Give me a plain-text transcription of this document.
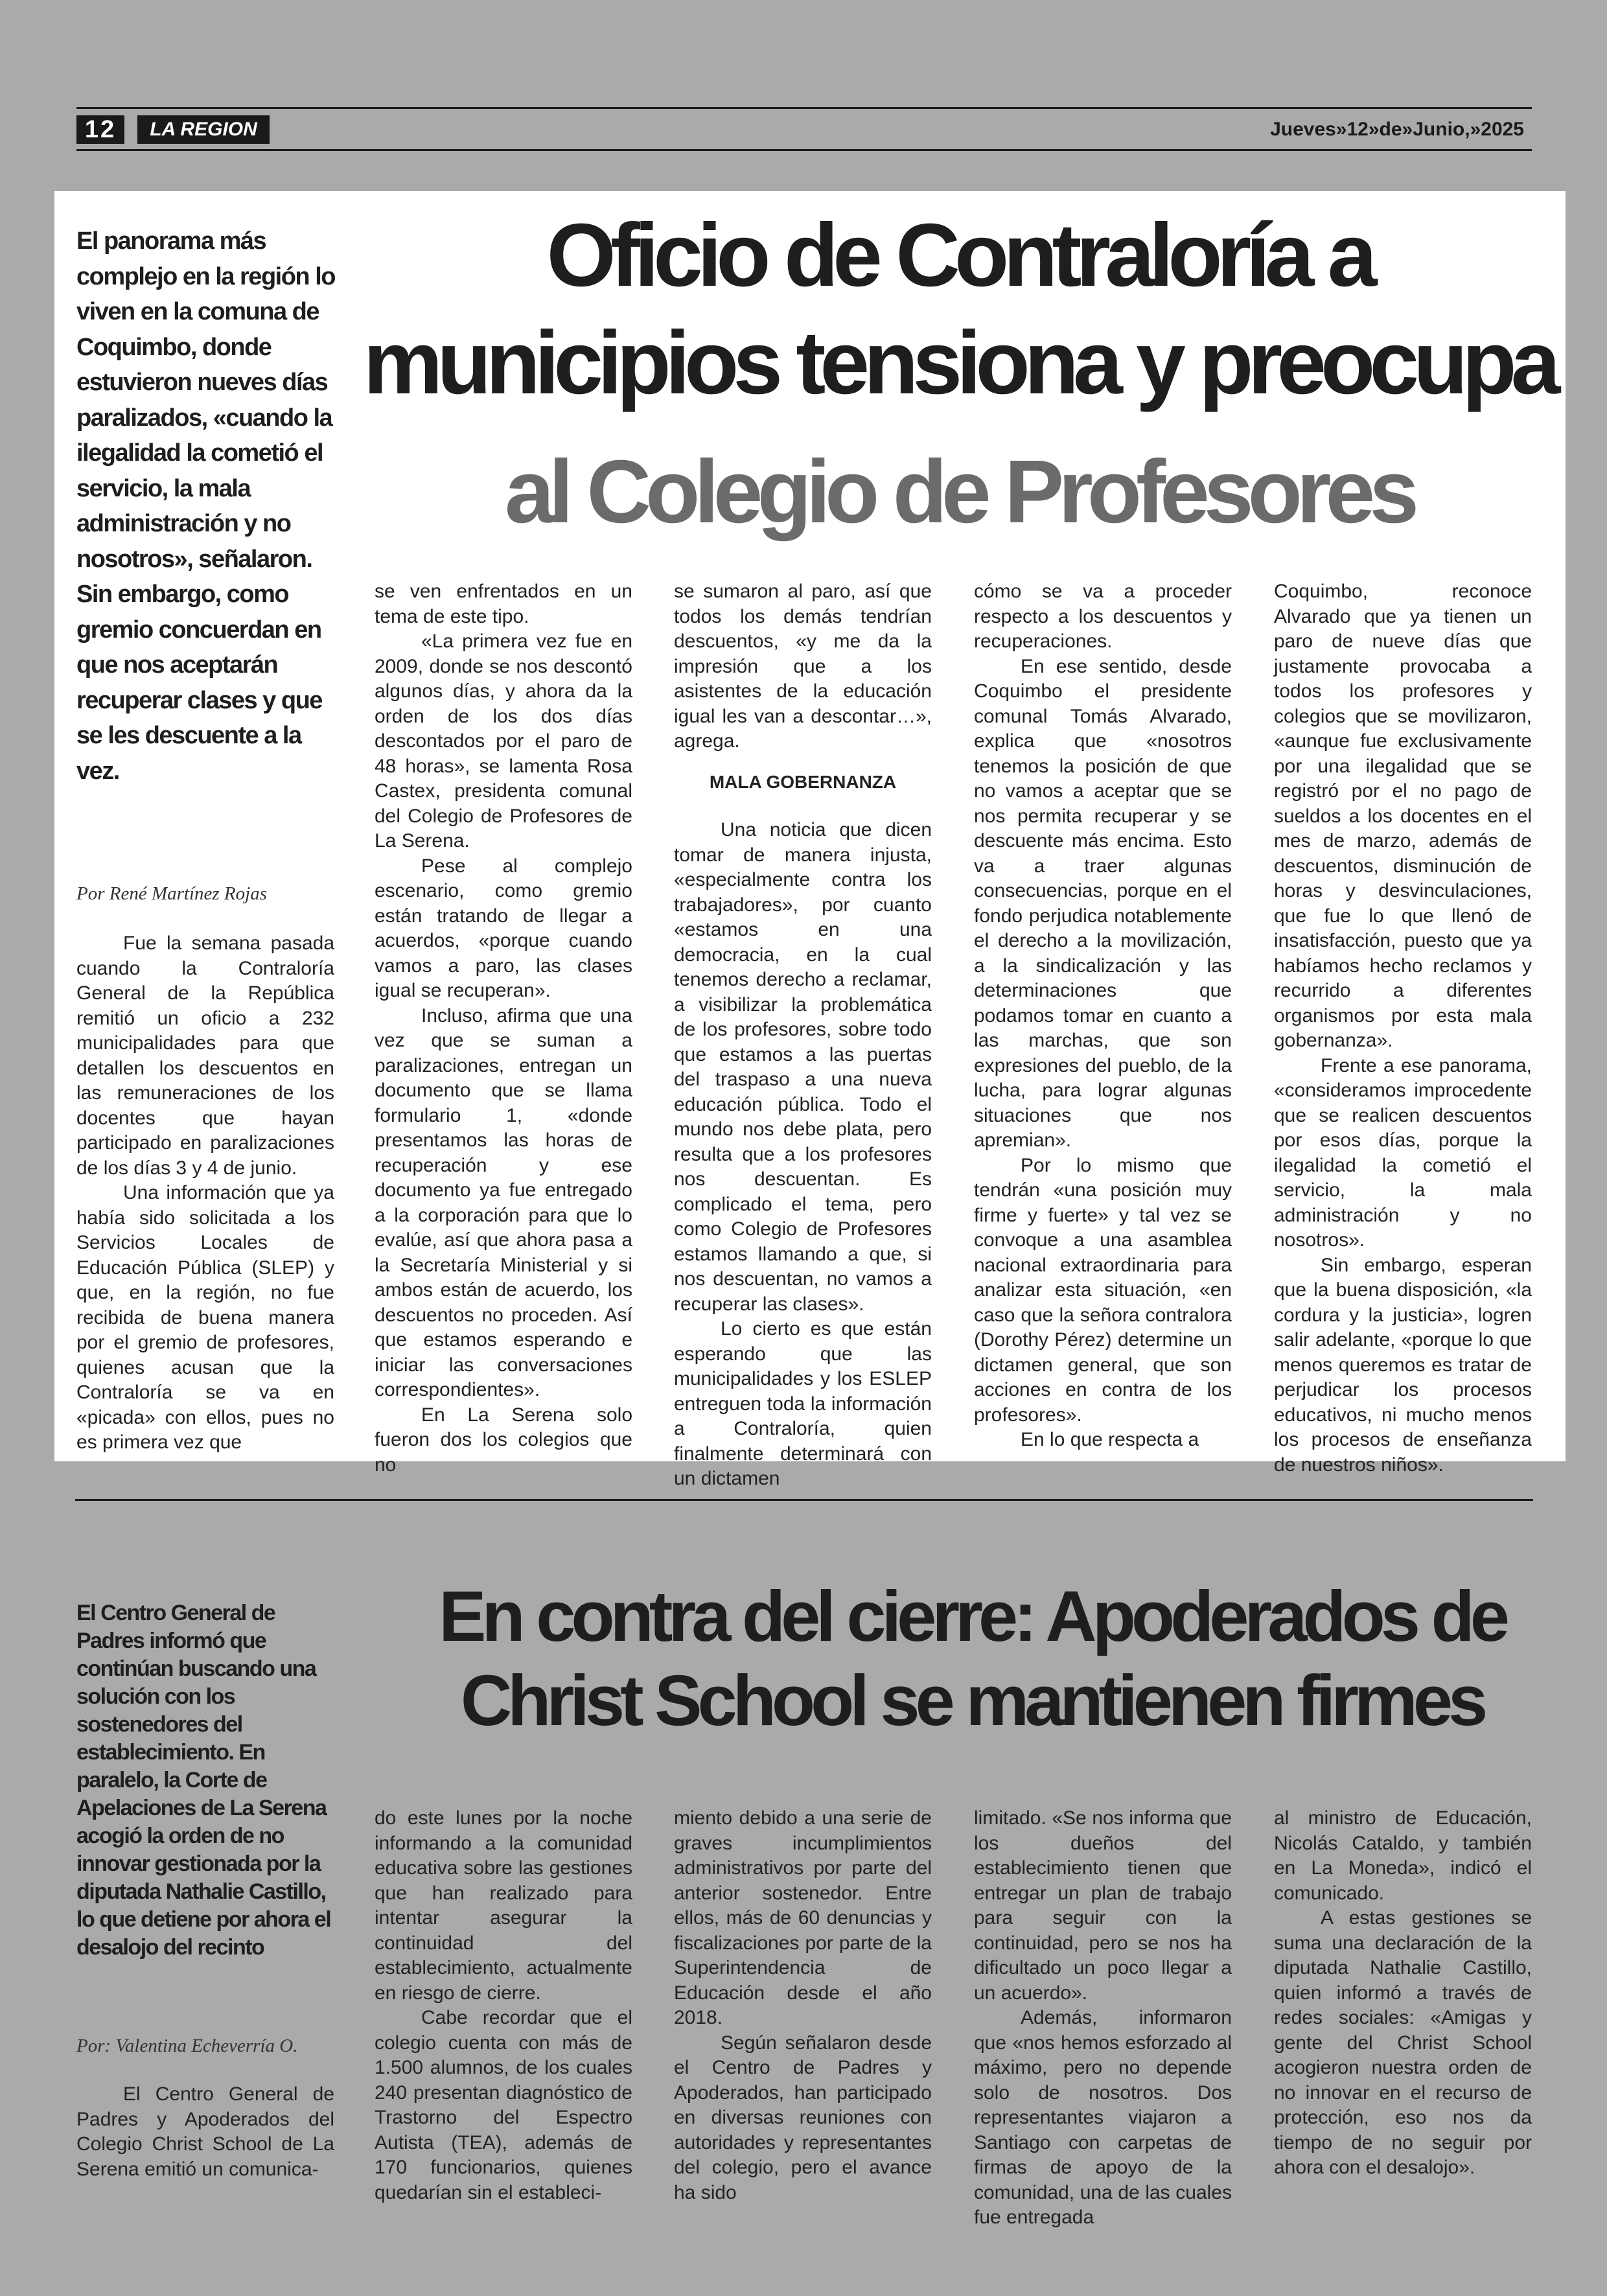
12	LA REGION	Jueves»12»de»Junio,»2025
Oficio de Contraloría a
municipios tensiona y preocupa
al Colegio de Profesores
El panorama más complejo en la región lo viven en la comuna de Coquimbo, donde estuvieron nueves días paralizados, «cuando la ilegalidad la cometió el servicio, la mala administración y no nosotros», señalaron. Sin embargo, como gremio concuerdan en que nos aceptarán recuperar clases y que se les descuente a la vez.
Por René Martínez Rojas

Fue la semana pasada cuando la Contraloría General de la República remitió un oficio a 232 municipalidades para que detallen los descuentos en las remuneraciones de los docentes que hayan participado en paralizaciones de los días 3 y 4 de junio.

Una información que ya había sido solicitada a los Servicios Locales de Educación Pública (SLEP) y que, en la región, no fue recibida de buena manera por el gremio de profesores, quienes acusan que la Contraloría se va en «picada» con ellos, pues no es primera vez que

se ven enfrentados en un tema de este tipo.

«La primera vez fue en 2009, donde se nos descontó algunos días, y ahora da la orden de los dos días descontados por el paro de 48 horas», se lamenta Rosa Castex, presidenta comunal del Colegio de Profesores de La Serena.

Pese al complejo escenario, como gremio están tratando de llegar a acuerdos, «porque cuando vamos a paro, las clases igual se recuperan».

Incluso, afirma que una vez que se suman a paralizaciones, entregan un documento que se llama formulario 1, «donde presentamos las horas de recuperación y ese documento ya fue entregado a la corporación para que lo evalúe, así que ahora pasa a la Secretaría Ministerial y si ambos están de acuerdo, los descuentos no proceden. Así que estamos esperando e iniciar las conversaciones correspondientes».

En La Serena solo fueron dos los colegios que no

se sumaron al paro, así que todos los demás tendrían descuentos, «y me da la impresión que a los asistentes de la educación igual les van a descontar…», agrega.

MALA GOBERNANZA

Una noticia que dicen tomar de manera injusta, «especialmente contra los trabajadores», por cuanto «estamos en una democracia, en la cual tenemos derecho a reclamar, a visibilizar la problemática de los profesores, sobre todo que estamos a las puertas del traspaso a una nueva educación pública. Todo el mundo nos debe plata, pero resulta que a los profesores nos descuentan. Es complicado el tema, pero como Colegio de Profesores estamos llamando a que, si nos descuentan, no vamos a recuperar las clases».

Lo cierto es que están esperando que las municipalidades y los ESLEP entreguen toda la información a Contraloría, quien finalmente determinará con un dictamen

cómo se va a proceder respecto a los descuentos y recuperaciones.

En ese sentido, desde Coquimbo el presidente comunal Tomás Alvarado, explica que «nosotros tenemos la posición de que no vamos a aceptar que se nos permita recuperar y se descuente más encima. Esto va a traer algunas consecuencias, porque en el fondo perjudica notablemente el derecho a la movilización, a la sindicalización y las determinaciones que podamos tomar en cuanto a las marchas, que son expresiones del pueblo, de la lucha, para lograr algunas situaciones que nos apremian».

Por lo mismo que tendrán «una posición muy firme y fuerte» y tal vez se convoque a una asamblea nacional extraordinaria para analizar esta situación, «en caso que la señora contralora (Dorothy Pérez) determine un dictamen general, que son acciones en contra de los profesores».

En lo que respecta a

Coquimbo, reconoce Alvarado que ya tienen un paro de nueve días que justamente provocaba a todos los profesores y colegios que se movilizaron, «aunque fue exclusivamente por una ilegalidad que se registró por el no pago de sueldos a los docentes en el mes de marzo, además de descuentos, disminución de horas y desvinculaciones, que fue lo que llenó de insatisfacción, puesto que ya habíamos hecho reclamos y recurrido a diferentes organismos por esta mala gobernanza».

Frente a ese panorama, «consideramos improcedente que se realicen descuentos por esos días, porque la ilegalidad la cometió el servicio, la mala administración y no nosotros».

Sin embargo, esperan que la buena disposición, «la cordura y la justicia», logren salir adelante, «porque lo que menos queremos es tratar de perjudicar los procesos educativos, ni mucho menos los procesos de enseñanza de nuestros niños».

En contra del cierre: Apoderados de
Christ School se mantienen firmes
El Centro General de Padres informó que continúan buscando una solución con los sostenedores del establecimiento. En paralelo, la Corte de Apelaciones de La Serena acogió la orden de no innovar gestionada por la diputada Nathalie Castillo, lo que detiene por ahora el desalojo del recinto
Por: Valentina Echeverría O.

El Centro General de Padres y Apoderados del Colegio Christ School de La Serena emitió un comunica-

do este lunes por la noche informando a la comunidad educativa sobre las gestiones que han realizado para intentar asegurar la continuidad del establecimiento, actualmente en riesgo de cierre.

Cabe recordar que el colegio cuenta con más de 1.500 alumnos, de los cuales 240 presentan diagnóstico de Trastorno del Espectro Autista (TEA), además de 170 funcionarios, quienes quedarían sin el estableci-

miento debido a una serie de graves incumplimientos administrativos por parte del anterior sostenedor. Entre ellos, más de 60 denuncias y fiscalizaciones por parte de la Superintendencia de Educación desde el año 2018.

Según señalaron desde el Centro de Padres y Apoderados, han participado en diversas reuniones con autoridades y representantes del colegio, pero el avance ha sido

limitado. «Se nos informa que los dueños del establecimiento tienen que entregar un plan de trabajo para seguir con la continuidad, pero se nos ha dificultado un poco llegar a un acuerdo».

Además, informaron que «nos hemos esforzado al máximo, pero no depende solo de nosotros. Dos representantes viajaron a Santiago con carpetas de firmas de apoyo de la comunidad, una de las cuales fue entregada

al ministro de Educación, Nicolás Cataldo, y también en La Moneda», indicó el comunicado.

A estas gestiones se suma una declaración de la diputada Nathalie Castillo, quien informó a través de redes sociales: «Amigas y gente del Christ School acogieron nuestra orden de no innovar en el recurso de protección, eso nos da tiempo de no seguir por ahora con el desalojo».
